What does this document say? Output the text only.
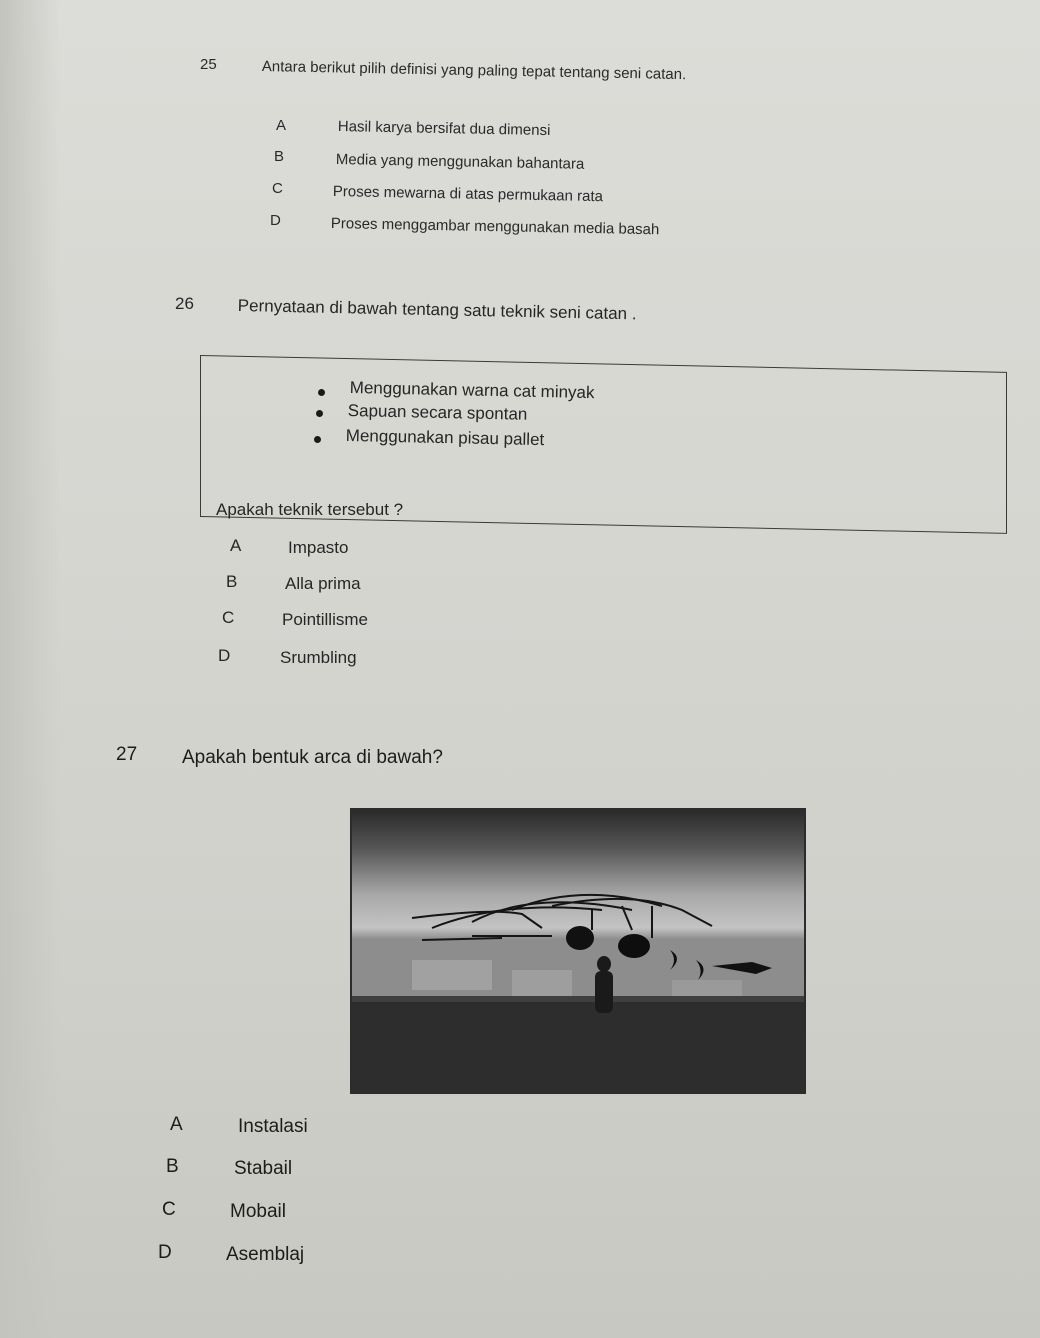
25	Antara berikut pilih definisi yang paling tepat tentang seni catan.
A	Hasil karya bersifat dua dimensi
B	Media yang menggunakan bahantara
C	Proses mewarna di atas permukaan rata
D	Proses menggambar menggunakan media basah
26	Pernyataan di bawah tentang satu teknik seni catan .
Menggunakan warna cat minyak
Sapuan secara spontan
Menggunakan pisau pallet
Apakah teknik tersebut ?
A	Impasto
B	Alla prima
C	Pointillisme
D	Srumbling
27 Apakah bentuk arca di bawah?
A	Instalasi
B	Stabail
C	Mobail
D	Asemblaj
